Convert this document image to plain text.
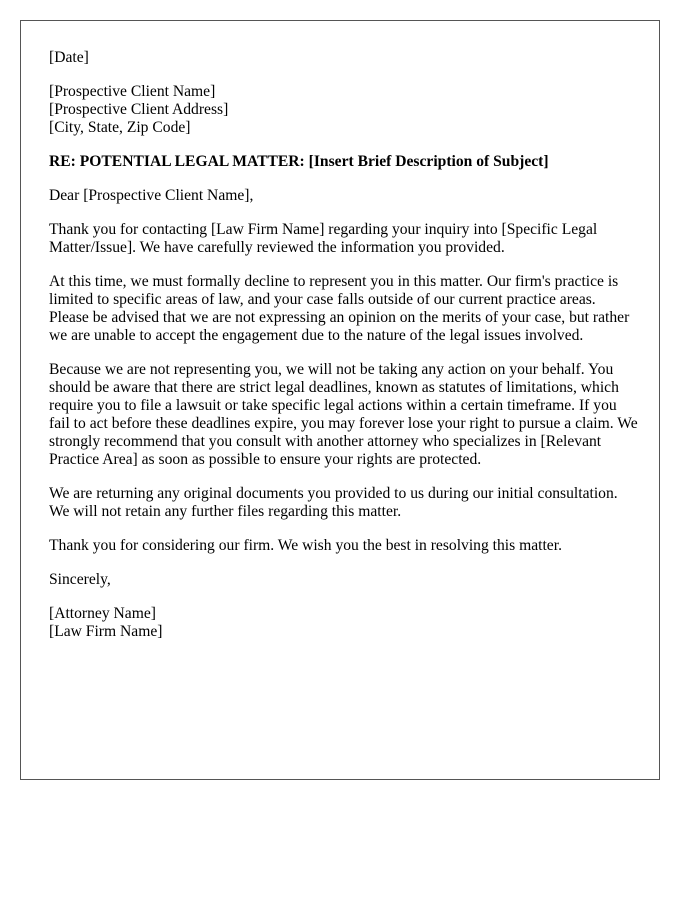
[Date]

[Prospective Client Name]

[Prospective Client Address]

[City, State, Zip Code]

RE: POTENTIAL LEGAL MATTER: [Insert Brief Description of Subject]

Dear [Prospective Client Name],

Thank you for contacting [Law Firm Name] regarding your inquiry into [Specific Legal Matter/Issue]. We have carefully reviewed the information you provided.

At this time, we must formally decline to represent you in this matter. Our firm's practice is limited to specific areas of law, and your case falls outside of our current practice areas. Please be advised that we are not expressing an opinion on the merits of your case, but rather we are unable to accept the engagement due to the nature of the legal issues involved.

Because we are not representing you, we will not be taking any action on your behalf. You should be aware that there are strict legal deadlines, known as statutes of limitations, which require you to file a lawsuit or take specific legal actions within a certain timeframe. If you fail to act before these deadlines expire, you may forever lose your right to pursue a claim. We strongly recommend that you consult with another attorney who specializes in [Relevant Practice Area] as soon as possible to ensure your rights are protected.

We are returning any original documents you provided to us during our initial consultation. We will not retain any further files regarding this matter.

Thank you for considering our firm. We wish you the best in resolving this matter.

Sincerely,

[Attorney Name]

[Law Firm Name]
